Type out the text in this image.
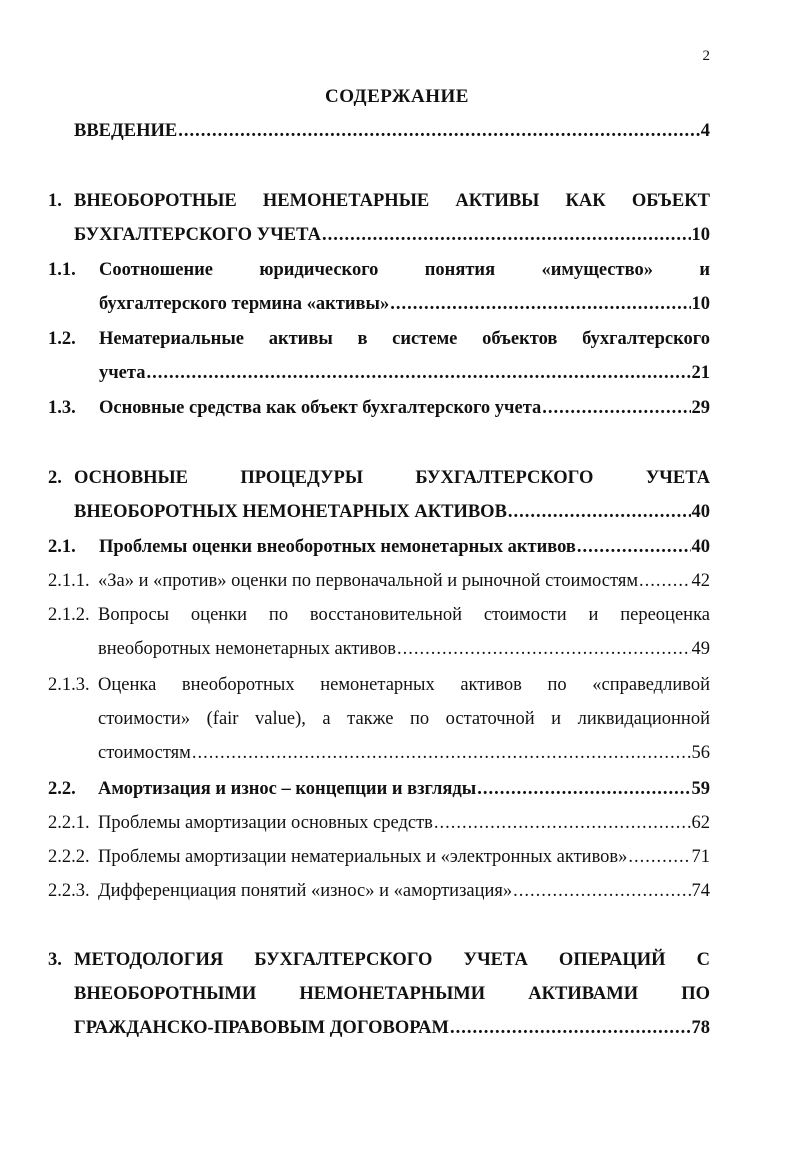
2
СОДЕРЖАНИЕ
ВВЕДЕНИЕ .....	4
1. ВНЕОБОРОТНЫЕ НЕМОНЕТАРНЫЕ АКТИВЫ КАК ОБЪЕКТ
БУХГАЛТЕРСКОГО УЧЕТА .....	10
1.1. Соотношение юридического понятия «имущество» и
бухгалтерского термина «активы» .....	10
1.2. Нематериальные активы в системе объектов бухгалтерского
учета .....	21
1.3. Основные средства как объект бухгалтерского учета .....	29
2. ОСНОВНЫЕ ПРОЦЕДУРЫ БУХГАЛТЕРСКОГО УЧЕТА
ВНЕОБОРОТНЫХ НЕМОНЕТАРНЫХ АКТИВОВ .....	40
2.1. Проблемы оценки внеоборотных немонетарных активов .....	40
2.1.1. «За» и «против» оценки по первоначальной и рыночной стоимостям .....	42
2.1.2. Вопросы оценки по восстановительной стоимости и переоценка
внеоборотных немонетарных активов .....	49
2.1.3. Оценка внеоборотных немонетарных активов по «справедливой
стоимости» (fair value), а также по остаточной и ликвидационной
стоимостям .....	56
2.2. Амортизация и износ – концепции и взгляды .....	59
2.2.1. Проблемы амортизации основных средств .....	62
2.2.2. Проблемы амортизации нематериальных и «электронных активов» .....	71
2.2.3. Дифференциация понятий «износ» и «амортизация» .....	74
3. МЕТОДОЛОГИЯ БУХГАЛТЕРСКОГО УЧЕТА ОПЕРАЦИЙ С
ВНЕОБОРОТНЫМИ НЕМОНЕТАРНЫМИ АКТИВАМИ ПО
ГРАЖДАНСКО-ПРАВОВЫМ ДОГОВОРАМ .....	78
